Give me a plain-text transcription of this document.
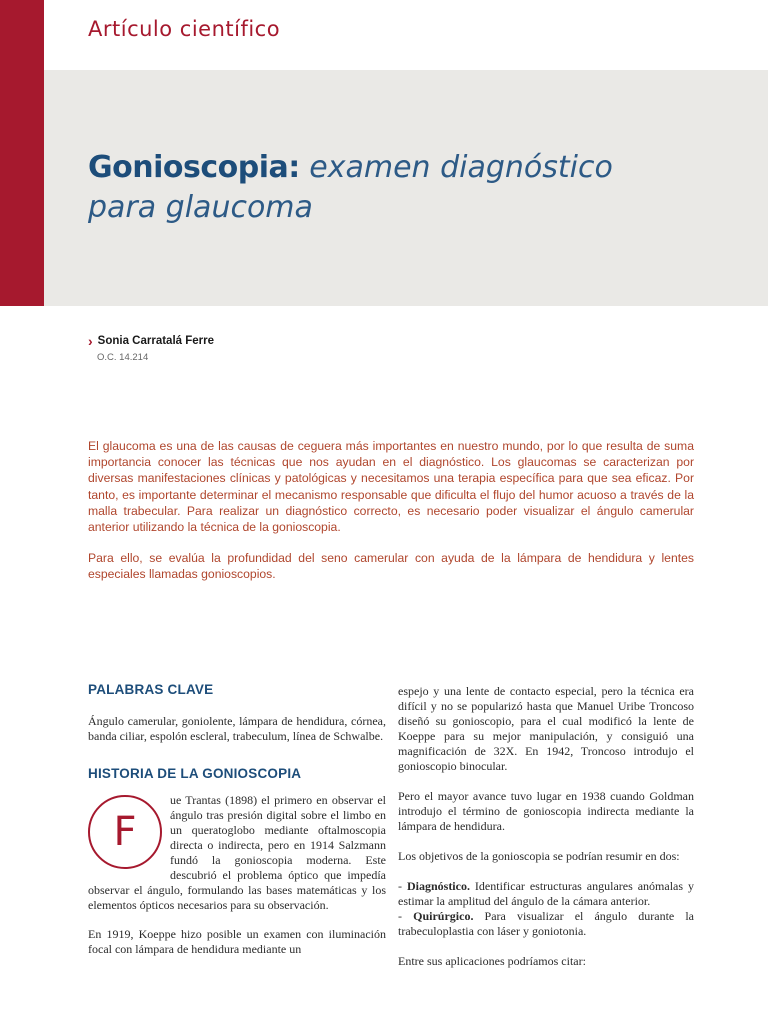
Artículo científico
Gonioscopia: examen diagnóstico
para glaucoma
› Sonia Carratalá Ferre
O.C. 14.214

El glaucoma es una de las causas de ceguera más importantes en nuestro mundo, por lo que resulta de suma importancia conocer las técnicas que nos ayudan en el diagnóstico. Los glaucomas se caracterizan por diversas manifestaciones clínicas y patológicas y necesitamos una terapia específica para que sea eficaz. Por tanto, es importante determinar el mecanismo responsable que dificulta el flujo del humor acuoso a través de la malla trabecular. Para realizar un diagnóstico correcto, es necesario poder visualizar el ángulo camerular anterior utilizando la técnica de la gonioscopia.

Para ello, se evalúa la profundidad del seno camerular con ayuda de la lámpara de hendidura y lentes especiales llamadas gonioscopios.

PALABRAS CLAVE

Ángulo camerular, goniolente, lámpara de hendidura, córnea, banda ciliar, espolón escleral, trabeculum, línea de Schwalbe.

HISTORIA DE LA GONIOSCOPIA
F

ue Trantas (1898) el primero en observar el ángulo tras presión digital sobre el limbo en un queratoglobo mediante oftalmoscopia directa o indirecta, pero en 1914 Salzmann fundó la gonioscopia moderna. Este descubrió el problema óptico que impedía observar el ángulo, formulando las bases matemáticas y los elementos ópticos necesarios para su observación.

En 1919, Koeppe hizo posible un examen con iluminación focal con lámpara de hendidura mediante un

espejo y una lente de contacto especial, pero la técnica era difícil y no se popularizó hasta que Manuel Uribe Troncoso diseñó su gonioscopio, para el cual modificó la lente de Koeppe para su mejor manipulación, y consiguió una magnificación de 32X. En 1942, Troncoso introdujo el gonioscopio binocular.

Pero el mayor avance tuvo lugar en 1938 cuando Goldman introdujo el término de gonioscopia indirecta mediante la lámpara de hendidura.

Los objetivos de la gonioscopia se podrían resumir en dos:

- Diagnóstico. Identificar estructuras angulares anómalas y estimar la amplitud del ángulo de la cámara anterior.
- Quirúrgico. Para visualizar el ángulo durante la trabeculoplastia con láser y goniotonia.

Entre sus aplicaciones podríamos citar:
